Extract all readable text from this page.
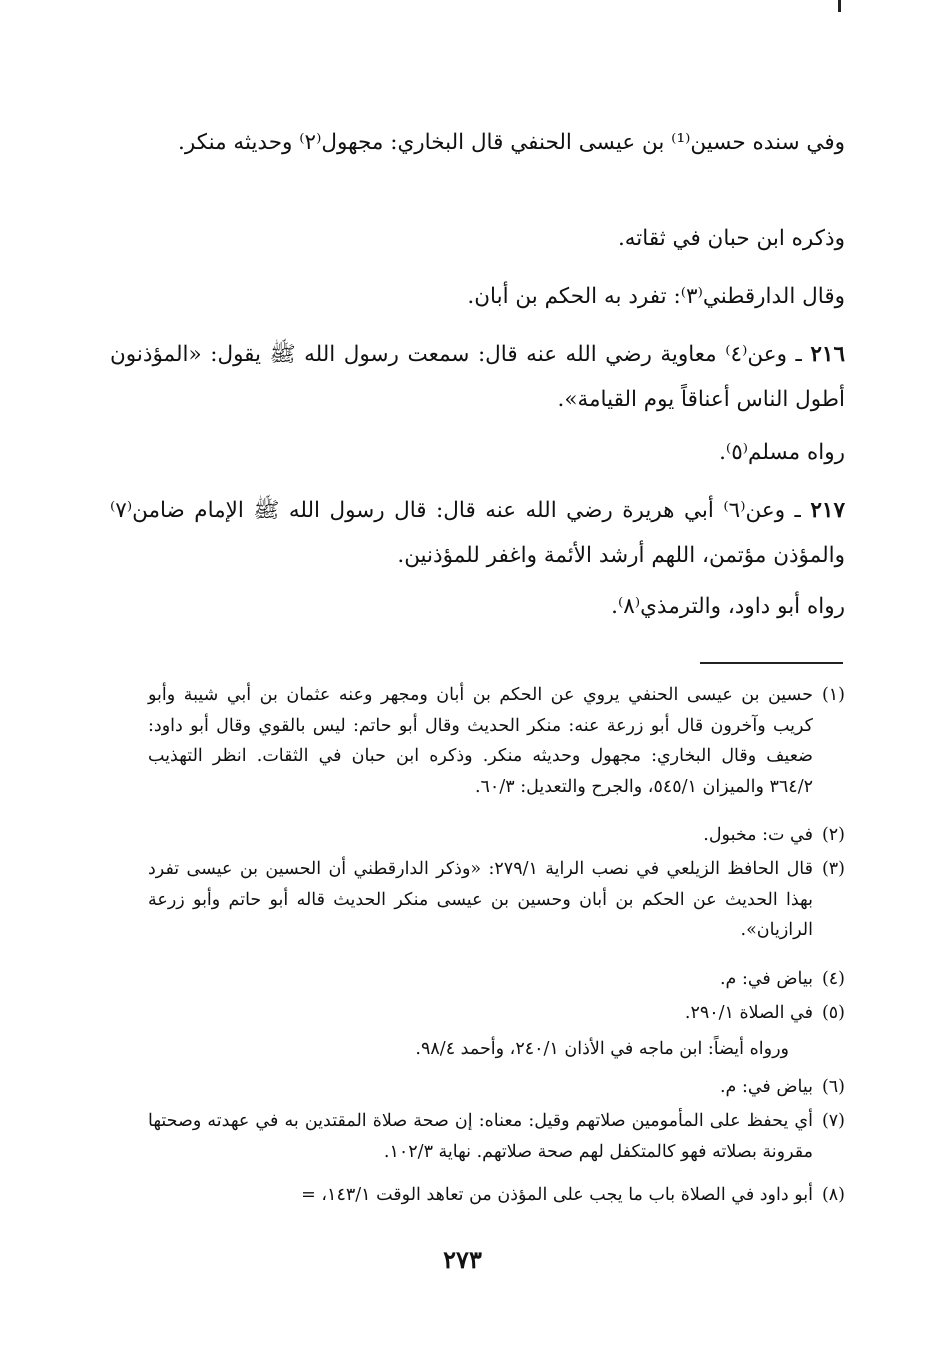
وفي سنده حسين⁽¹⁾ بن عيسى الحنفي قال البخاري: مجهول⁽٢⁾ وحديثه منكر.

وذكره ابن حبان في ثقاته.

وقال الدارقطني⁽٣⁾: تفرد به الحكم بن أبان.

٢١٦ ـ وعن⁽٤⁾ معاوية رضي الله عنه قال: سمعت رسول الله ﷺ يقول: «المؤذنون أطول الناس أعناقاً يوم القيامة».

رواه مسلم⁽٥⁾.

٢١٧ ـ وعن⁽٦⁾ أبي هريرة رضي الله عنه قال: قال رسول الله ﷺ الإمام ضامن⁽٧⁾ والمؤذن مؤتمن، اللهم أرشد الأئمة واغفر للمؤذنين.

رواه أبو داود، والترمذي⁽٨⁾.

(١)
حسين بن عيسى الحنفي يروي عن الحكم بن أبان ومجهر وعنه عثمان بن أبي شيبة وأبو كريب وآخرون قال أبو زرعة عنه: منكر الحديث وقال أبو حاتم: ليس بالقوي وقال أبو داود: ضعيف وقال البخاري: مجهول وحديثه منكر. وذكره ابن حبان في الثقات. انظر التهذيب ٣٦٤/٢ والميزان ٥٤٥/١، والجرح والتعديل: ٦٠/٣.
(٢)
في ت: مخبول.
(٣)
قال الحافظ الزيلعي في نصب الراية ٢٧٩/١: «وذكر الدارقطني أن الحسين بن عيسى تفرد بهذا الحديث عن الحكم بن أبان وحسين بن عيسى منكر الحديث قاله أبو حاتم وأبو زرعة الرازيان».
(٤)
بياض في: م.
(٥)
في الصلاة ٢٩٠/١.
ورواه أيضاً: ابن ماجه في الأذان ٢٤٠/١، وأحمد ٩٨/٤.
(٦)
بياض في: م.
(٧)
أي يحفظ على المأمومين صلاتهم وقيل: معناه: إن صحة صلاة المقتدين به في عهدته وصحتها مقرونة بصلاته فهو كالمتكفل لهم صحة صلاتهم. نهاية ١٠٢/٣.
(٨)
أبو داود في الصلاة باب ما يجب على المؤذن من تعاهد الوقت ١٤٣/١، =
٢٧٣
